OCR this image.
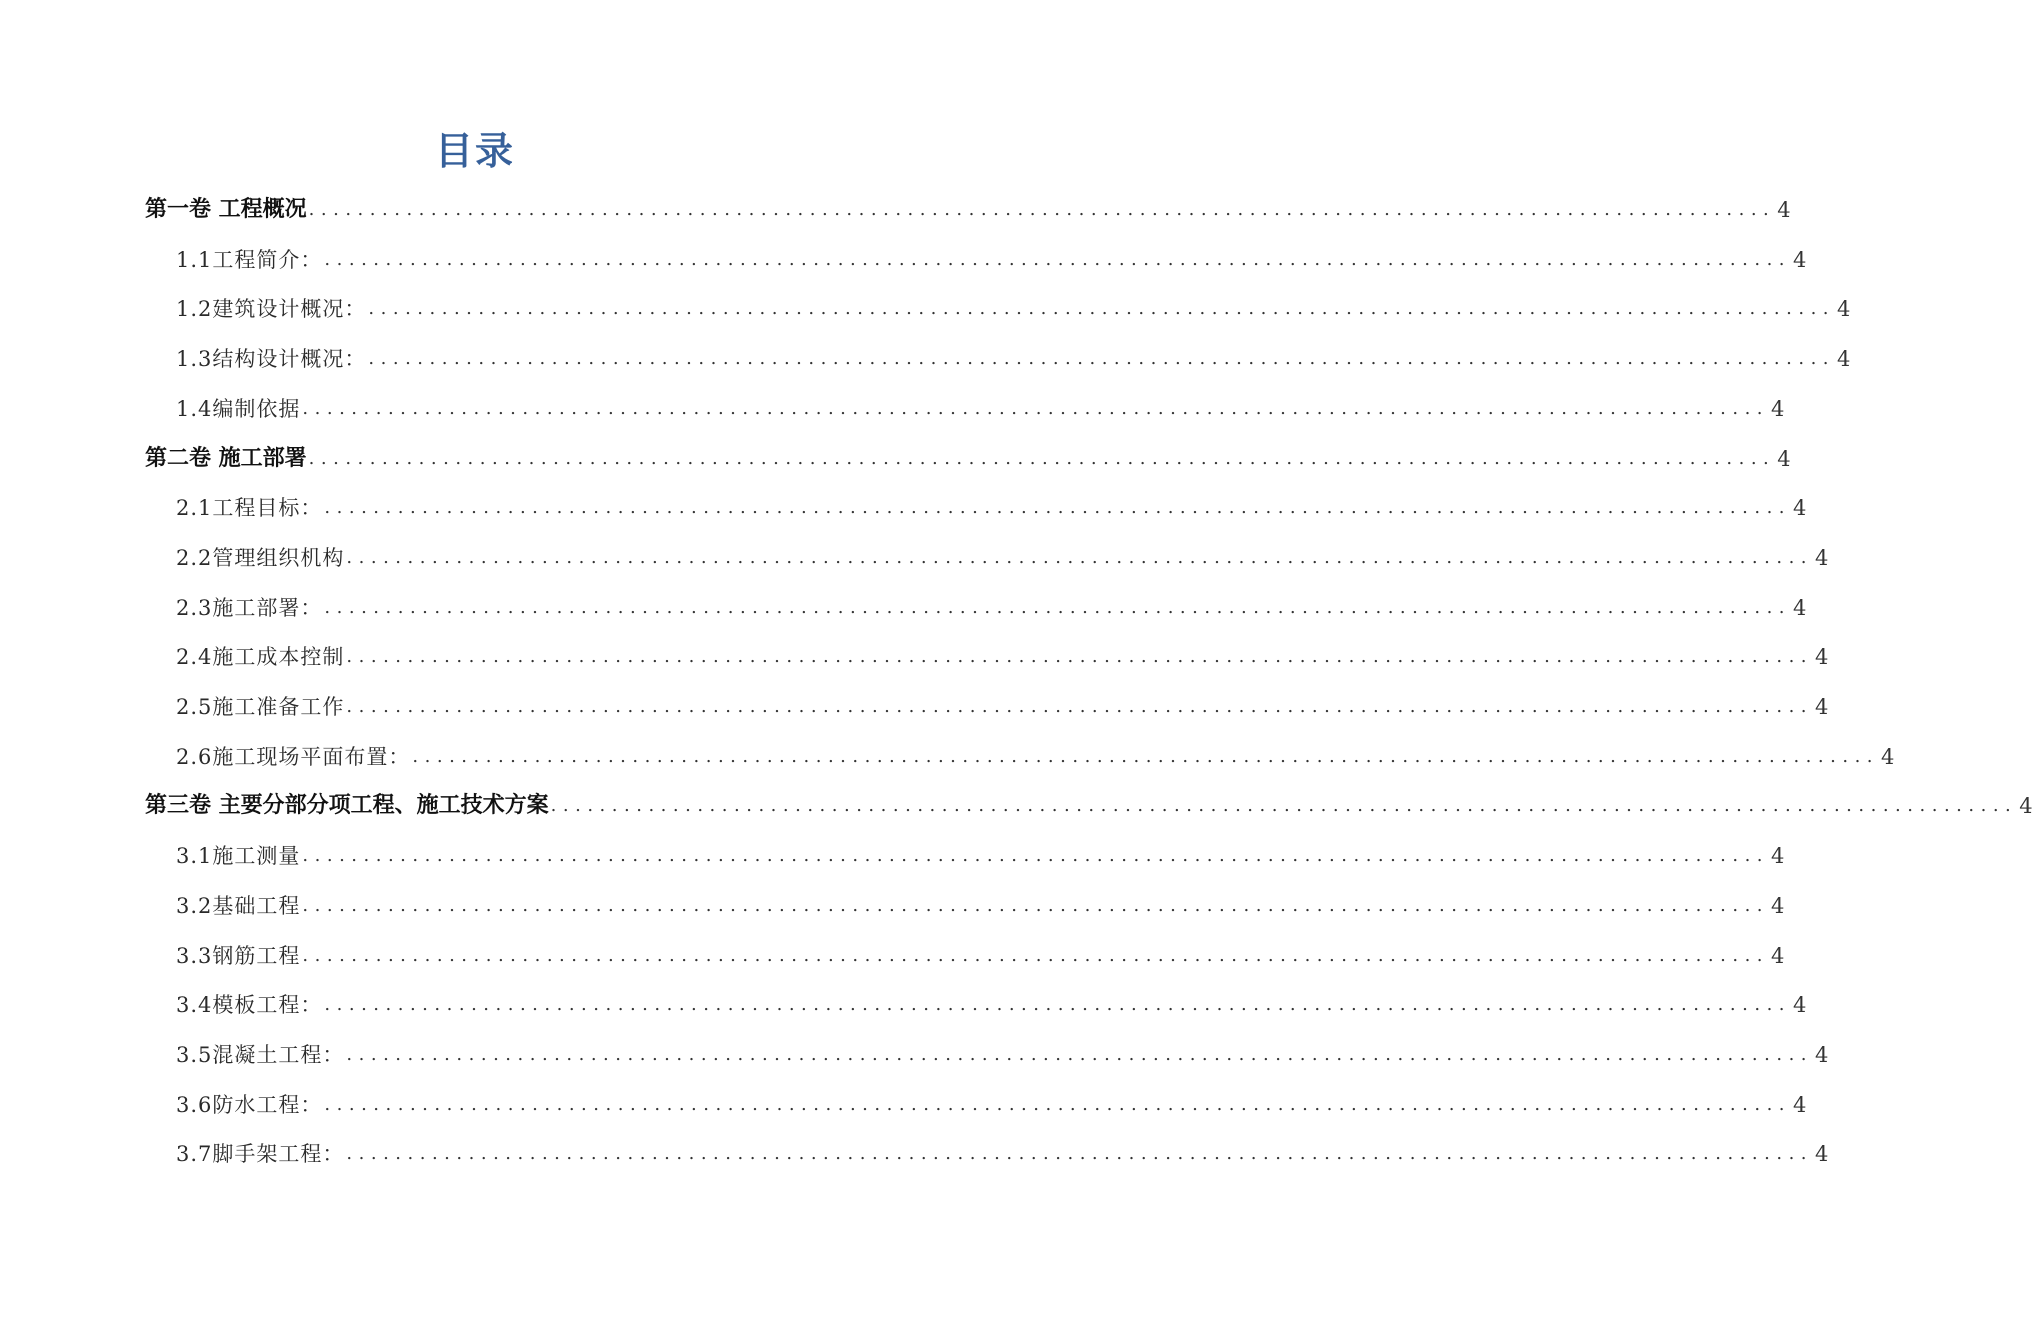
目录
第一卷 工程概况 ........................................................................................................................ 4
1.1工程简介： ........................................................................................................................ 4
1.2建筑设计概况： ........................................................................................................................ 4
1.3结构设计概况： ........................................................................................................................ 4
1.4编制依据 ........................................................................................................................ 4
第二卷 施工部署 ........................................................................................................................ 4
2.1工程目标： ........................................................................................................................ 4
2.2管理组织机构 ........................................................................................................................ 4
2.3施工部署： ........................................................................................................................ 4
2.4施工成本控制 ........................................................................................................................ 4
2.5施工准备工作 ........................................................................................................................ 4
2.6施工现场平面布置： ........................................................................................................................ 4
第三卷 主要分部分项工程、施工技术方案 ........................................................................................................................ 4
3.1施工测量 ........................................................................................................................ 4
3.2基础工程 ........................................................................................................................ 4
3.3钢筋工程 ........................................................................................................................ 4
3.4模板工程： ........................................................................................................................ 4
3.5混凝土工程： ........................................................................................................................ 4
3.6防水工程： ........................................................................................................................ 4
3.7脚手架工程： ........................................................................................................................ 4
